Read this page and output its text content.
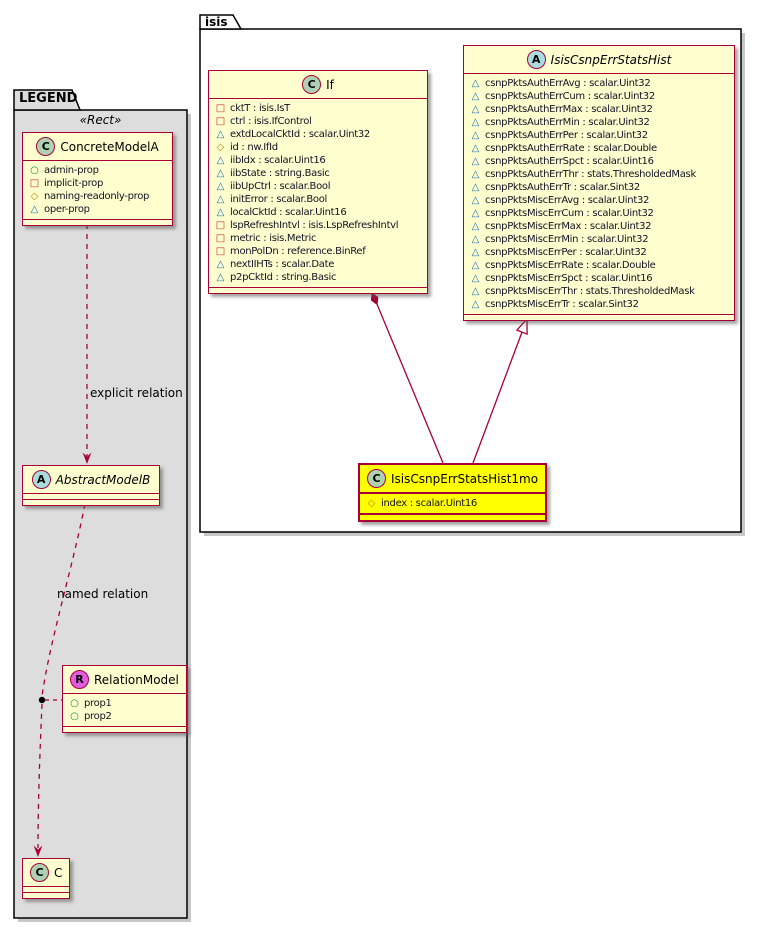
isis
LEGEND
«Rect»
explicit relation
named relation
C If
□
cktT : isis.IsT
□
ctrl : isis.IfControl
△
extdLocalCktId : scalar.Uint32
◇
id : nw.IfId
△
iibIdx : scalar.Uint16
△
iibState : string.Basic
△
iibUpCtrl : scalar.Bool
△
initError : scalar.Bool
△
localCktId : scalar.Uint16
□
lspRefreshIntvl : isis.LspRefreshIntvl
□
metric : isis.Metric
□
monPolDn : reference.BinRef
△
nextIIHTs : scalar.Date
△
p2pCktId : string.Basic
A IsisCsnpErrStatsHist
△
csnpPktsAuthErrAvg : scalar.Uint32
△
csnpPktsAuthErrCum : scalar.Uint32
△
csnpPktsAuthErrMax : scalar.Uint32
△
csnpPktsAuthErrMin : scalar.Uint32
△
csnpPktsAuthErrPer : scalar.Uint32
△
csnpPktsAuthErrRate : scalar.Double
△
csnpPktsAuthErrSpct : scalar.Uint16
△
csnpPktsAuthErrThr : stats.ThresholdedMask
△
csnpPktsAuthErrTr : scalar.Sint32
△
csnpPktsMiscErrAvg : scalar.Uint32
△
csnpPktsMiscErrCum : scalar.Uint32
△
csnpPktsMiscErrMax : scalar.Uint32
△
csnpPktsMiscErrMin : scalar.Uint32
△
csnpPktsMiscErrPer : scalar.Uint32
△
csnpPktsMiscErrRate : scalar.Double
△
csnpPktsMiscErrSpct : scalar.Uint16
△
csnpPktsMiscErrThr : stats.ThresholdedMask
△
csnpPktsMiscErrTr : scalar.Sint32
C IsisCsnpErrStatsHist1mo
◇
index : scalar.Uint16
C ConcreteModelA
○
admin-prop
□
implicit-prop
◇
naming-readonly-prop
△
oper-prop
A AbstractModelB
R RelationModel
○
prop1
○
prop2
C C
